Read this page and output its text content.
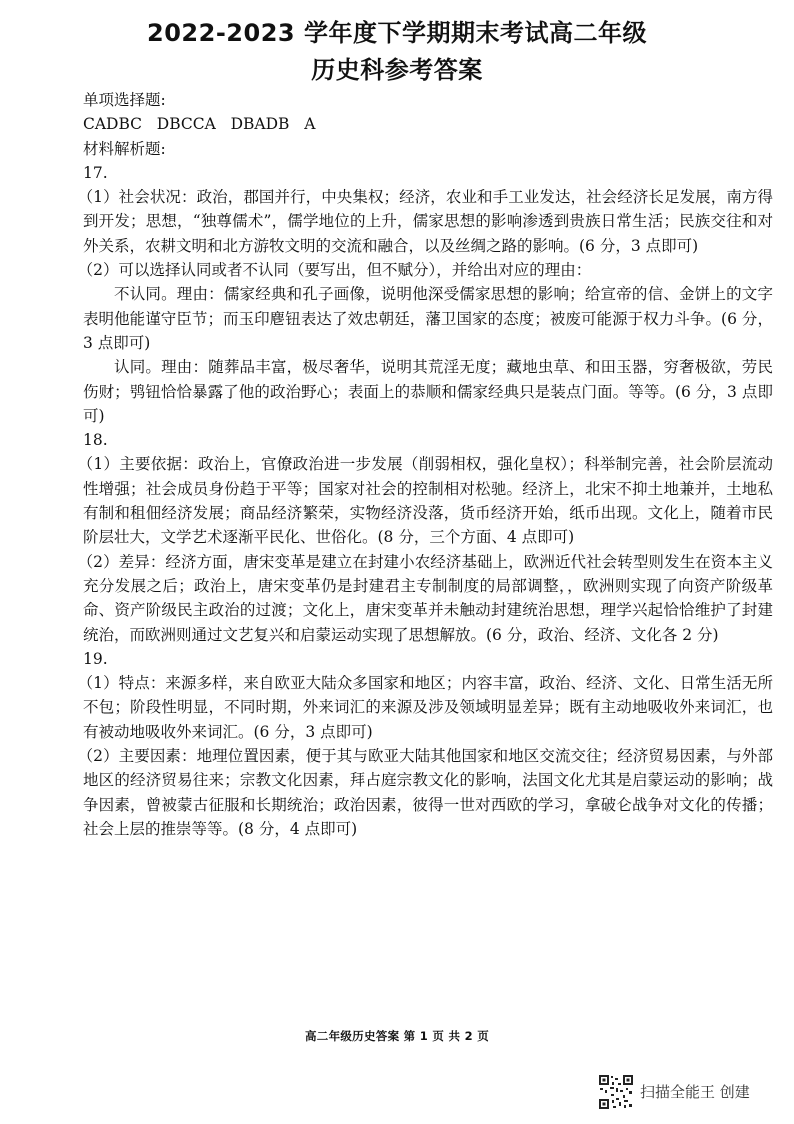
2022-2023 学年度下学期期末考试高二年级
历史科参考答案

单项选择题:

CADBC   DBCCA   DBADB   A

材料解析题:

17.

（1）社会状况：政治，郡国并行，中央集权；经济，农业和手工业发达，社会经济长足发展，南方得到开发；思想，“独尊儒术”，儒学地位的上升，儒家思想的影响渗透到贵族日常生活；民族交往和对外关系，农耕文明和北方游牧文明的交流和融合，以及丝绸之路的影响。(6 分，3 点即可)

（2）可以选择认同或者不认同（要写出，但不赋分），并给出对应的理由：

不认同。理由：儒家经典和孔子画像，说明他深受儒家思想的影响；给宣帝的信、金饼上的文字表明他能谨守臣节；而玉印麀钮表达了效忠朝廷，藩卫国家的态度；被废可能源于权力斗争。(6 分，3 点即可)

认同。理由：随葬品丰富，极尽奢华，说明其荒淫无度；藏地虫草、和田玉器，穷奢极欲，劳民伤财；鸮钮恰恰暴露了他的政治野心；表面上的恭顺和儒家经典只是装点门面。等等。(6 分，3 点即可)

18.

（1）主要依据：政治上，官僚政治进一步发展（削弱相权，强化皇权）；科举制完善，社会阶层流动性增强；社会成员身份趋于平等；国家对社会的控制相对松驰。经济上，北宋不抑土地兼并，土地私有制和租佃经济发展；商品经济繁荣，实物经济没落，货币经济开始，纸币出现。文化上，随着市民阶层壮大，文学艺术逐渐平民化、世俗化。(8 分，三个方面、4 点即可)

（2）差异：经济方面，唐宋变革是建立在封建小农经济基础上，欧洲近代社会转型则发生在资本主义充分发展之后；政治上，唐宋变革仍是封建君主专制制度的局部调整，，欧洲则实现了向资产阶级革命、资产阶级民主政治的过渡；文化上，唐宋变革并未触动封建统治思想，理学兴起恰恰维护了封建统治，而欧洲则通过文艺复兴和启蒙运动实现了思想解放。(6 分，政治、经济、文化各 2 分)

19.

（1）特点：来源多样，来自欧亚大陆众多国家和地区；内容丰富，政治、经济、文化、日常生活无所不包；阶段性明显，不同时期，外来词汇的来源及涉及领域明显差异；既有主动地吸收外来词汇，也有被动地吸收外来词汇。(6 分，3 点即可)

（2）主要因素：地理位置因素，便于其与欧亚大陆其他国家和地区交流交往；经济贸易因素，与外部地区的经济贸易往来；宗教文化因素，拜占庭宗教文化的影响，法国文化尤其是启蒙运动的影响；战争因素，曾被蒙古征服和长期统治；政治因素，彼得一世对西欧的学习，拿破仑战争对文化的传播；社会上层的推崇等等。(8 分，4 点即可)

高二年级历史答案 第 1 页 共 2 页
扫描全能王 创建
